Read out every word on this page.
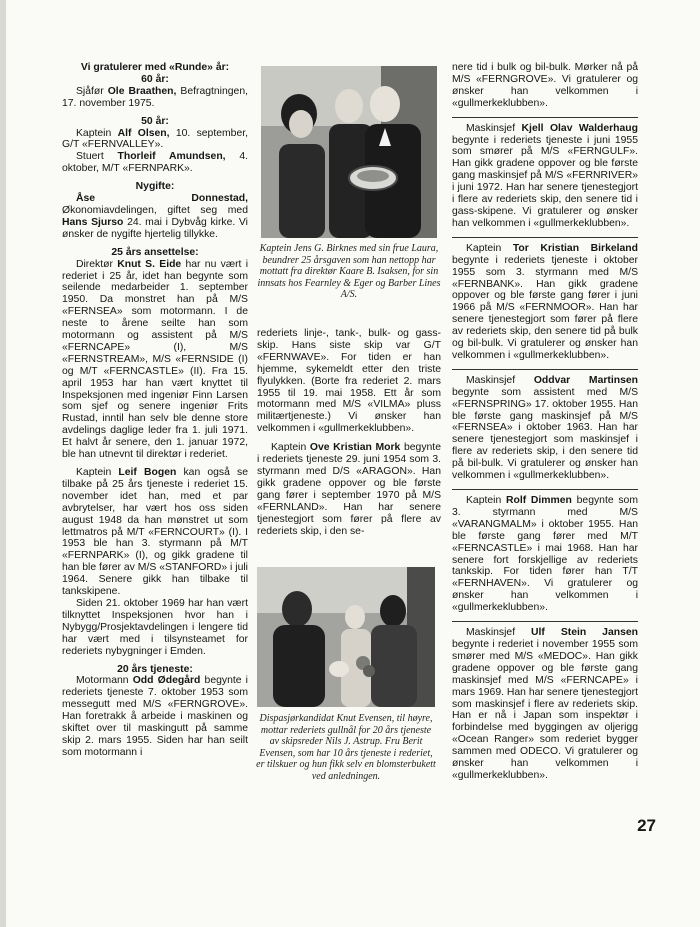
Vi gratulerer med «Runde» år:

60 år:

Sjåfør Ole Braathen, Befragtningen, 17. november 1975.

50 år:

Kaptein Alf Olsen, 10. september, G/T «FERNVALLEY».

Stuert Thorleif Amundsen, 4. oktober, M/T «FERNPARK».

Nygifte:

Åse Donnestad, Økonomiavdelingen, giftet seg med Hans Sjurso 24. mai i Dybvåg kirke. Vi ønsker de nygifte hjertelig tillykke.

25 års ansettelse:

Direktør Knut S. Eide har nu vært i rederiet i 25 år, idet han begynte som seilende medarbeider 1. september 1950. Da monstret han på M/S «FERNSEA» som motormann. I de neste to årene seilte han som motormann og assistent på M/S «FERNCAPE» (I), M/S «FERNSTREAM», M/S «FERNSIDE (I) og M/T «FERNCASTLE» (II). Fra 15. april 1953 har han vært knyttet til Inspeksjonen med ingeniør Finn Larsen som sjef og senere ingeniør Frits Rustad, inntil han selv ble denne store avdelings daglige leder fra 1. juli 1971. Et halvt år senere, den 1. januar 1972, ble han utnevnt til direktør i rederiet.

Kaptein Leif Bogen kan også se tilbake på 25 års tjeneste i rederiet 15. november idet han, med et par avbrytelser, har vært hos oss siden august 1948 da han mønstret ut som lettmatros på M/T «FERNCOURT» (I). I 1953 ble han 3. styrmann på M/T «FERNPARK» (I), og gikk gradene til han ble fører av M/S «STANFORD» i juli 1964. Senere gikk han tilbake til tankskipene.

Siden 21. oktober 1969 har han vært tilknyttet Inspeksjonen hvor han i Nybygg/Prosjektavdelingen i lengere tid har vært med i tilsynsteamet for rederiets nybygninger i Emden.

20 års tjeneste:

Motormann Odd Ødegård begynte i rederiets tjeneste 7. oktober 1953 som messegutt med M/S «FERNGROVE». Han foretrakk å arbeide i maskinen og skiftet over til maskingutt på samme skip 2. mars 1955. Siden har han seilt som motormann i

Kaptein Jens G. Birknes med sin frue Laura, beundrer 25 årsgaven som han nettopp har mottatt fra direktør Kaare B. Isaksen, for sin innsats hos Fearnley & Eger og Barber Lines A/S.

rederiets linje-, tank-, bulk- og gass-skip. Hans siste skip var G/T «FERNWAVE». For tiden er han hjemme, sykemeldt etter den triste flyulykken. (Borte fra rederiet 2. mars 1955 til 19. mai 1958. Ett år som motormann med M/S «VILMA» pluss militærtjeneste.) Vi ønsker han velkommen i «gullmerkeklubben».

Kaptein Ove Kristian Mork begynte i rederiets tjeneste 29. juni 1954 som 3. styrmann med D/S «ARAGON». Han gikk gradene oppover og ble første gang fører i september 1970 på M/S «FERNLAND». Han har senere tjenestegjort som fører på flere av rederiets skip, i den se-

Dispasjørkandidat Knut Evensen, til høyre, mottar rederiets gullnål for 20 års tjeneste av skipsreder Nils J. Astrup. Fru Berit Evensen, som har 10 års tjeneste i rederiet, er tilskuer og hun fikk selv en blomsterbukett ved anledningen.

nere tid i bulk og bil-bulk. Mørker nå på M/S «FERNGROVE». Vi gratulerer og ønsker han velkommen i «gullmerkeklubben».

Maskinsjef Kjell Olav Walderhaug begynte i rederiets tjeneste i juni 1955 som smører på M/S «FERNGULF». Han gikk gradene oppover og ble første gang maskinsjef på M/S «FERNRIVER» i juni 1972. Han har senere tjenestegjort i flere av rederiets skip, den senere tid i gass-skipene. Vi gratulerer og ønsker han velkommen i «gullmerkeklubben».

Kaptein Tor Kristian Birkeland begynte i rederiets tjeneste i oktober 1955 som 3. styrmann med M/S «FERNBANK». Han gikk gradene oppover og ble første gang fører i juni 1966 på M/S «FERNMOOR». Han har senere tjenestegjort som fører på flere av rederiets skip, den senere tid på bulk og bil-bulk. Vi gratulerer og ønsker han velkommen i «gullmerkeklubben».

Maskinsjef Oddvar Martinsen begynte som assistent med M/S «FERNSPRING» 17. oktober 1955. Han ble første gang maskinsjef på M/S «FERNSEA» i oktober 1963. Han har senere tjenestegjort som maskinsjef i flere av rederiets skip, i den senere tid på bil-bulk. Vi gratulerer og ønsker han velkommen i «gullmerkeklubben».

Kaptein Rolf Dimmen begynte som 3. styrmann med M/S «VARANGMALM» i oktober 1955. Han ble første gang fører med M/T «FERNCASTLE» i mai 1968. Han har senere fort forskjellige av rederiets tankskip. For tiden fører han T/T «FERNHAVEN». Vi gratulerer og ønsker han velkommen i «gullmerkeklubben».

Maskinsjef Ulf Stein Jansen begynte i rederiet i november 1955 som smører med M/S «MEDOC». Han gikk gradene oppover og ble første gang maskinsjef med M/S «FERNCAPE» i mars 1969. Han har senere tjenestegjort som maskinsjef i flere av rederiets skip. Han er nå i Japan som inspektør i forbindelse med byggingen av oljerigg «Ocean Ranger» som rederiet bygger sammen med ODECO. Vi gratulerer og ønsker han velkommen i «gullmerkeklubben».

27
